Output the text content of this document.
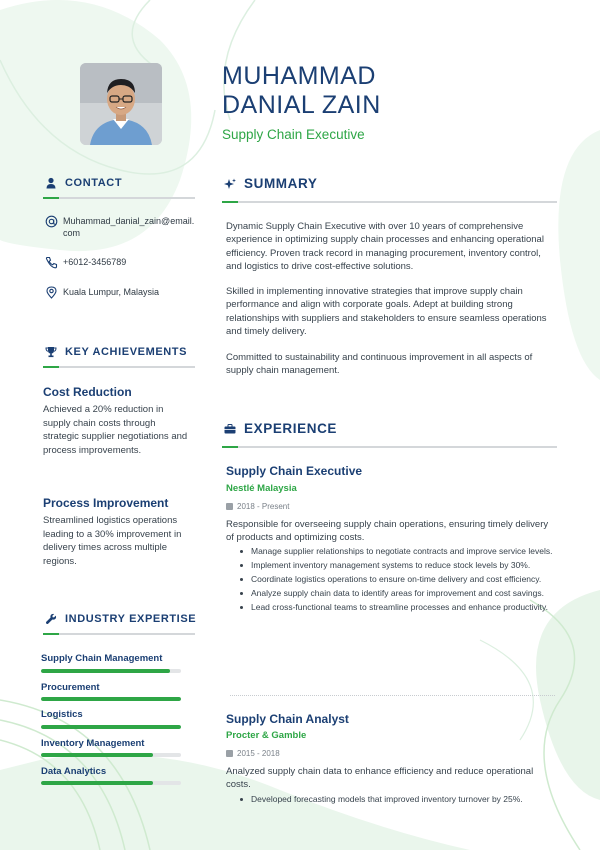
MUHAMMAD
DANIAL ZAIN
Supply Chain Executive
CONTACT
Muhammad_danial_zain@email.com
+6012-3456789
Kuala Lumpur, Malaysia
KEY ACHIEVEMENTS
Cost Reduction
Achieved a 20% reduction in supply chain costs through strategic supplier negotiations and process improvements.
Process Improvement
Streamlined logistics operations leading to a 30% improvement in delivery times across multiple regions.
INDUSTRY EXPERTISE
Supply Chain Management
Procurement
Logistics
Inventory Management
Data Analytics
SUMMARY

Dynamic Supply Chain Executive with over 10 years of comprehensive experience in optimizing supply chain processes and enhancing operational efficiency. Proven track record in managing procurement, inventory control, and logistics to drive cost-effective solutions.

Skilled in implementing innovative strategies that improve supply chain performance and align with corporate goals. Adept at building strong relationships with suppliers and stakeholders to ensure seamless operations and timely delivery.

Committed to sustainability and continuous improvement in all aspects of supply chain management.

EXPERIENCE
Supply Chain Executive
Nestlé Malaysia
2018 - Present
Responsible for overseeing supply chain operations, ensuring timely delivery of products and optimizing costs.
Manage supplier relationships to negotiate contracts and improve service levels.
Implement inventory management systems to reduce stock levels by 30%.
Coordinate logistics operations to ensure on-time delivery and cost efficiency.
Analyze supply chain data to identify areas for improvement and cost savings.
Lead cross-functional teams to streamline processes and enhance productivity.
Supply Chain Analyst
Procter & Gamble
2015 - 2018
Analyzed supply chain data to enhance efficiency and reduce operational costs.
Developed forecasting models that improved inventory turnover by 25%.
